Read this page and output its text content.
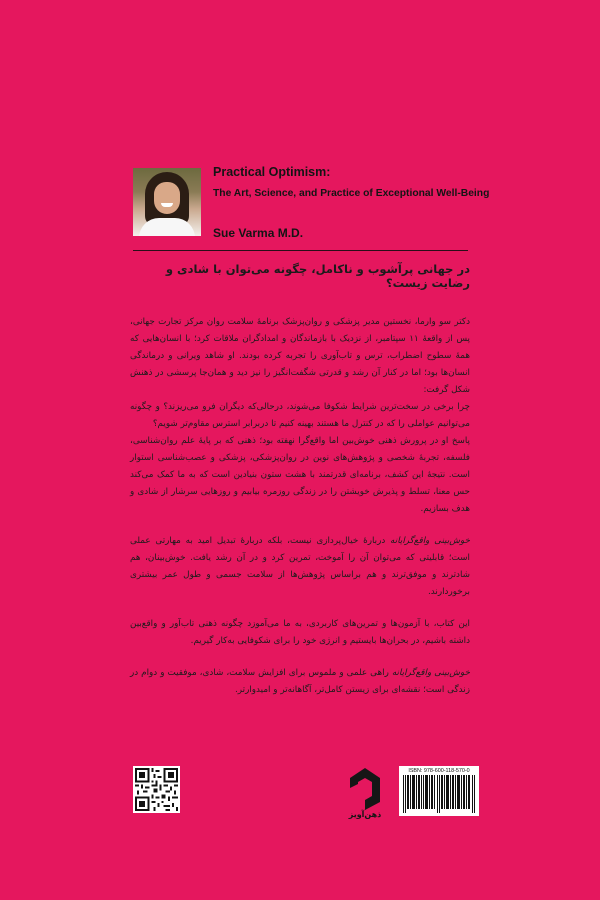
Practical Optimism:

The Art, Science, and Practice of Exceptional Well-Being

Sue Varma M.D.

در جهانی پرآشوب و ناکامل، چگونه می‌توان با شادی و رضایت زیست؟

دکتر سو وارما، نخستین مدیر پزشکی و روان‌پزشک برنامهٔ سلامت روان مرکز تجارت جهانی، پس از واقعهٔ ۱۱ سپتامبر، از نزدیک با بازماندگان و امدادگران ملاقات کرد؛ با انسان‌هایی که همهٔ سطوح اضطراب، ترس و تاب‌آوری را تجربه کرده بودند. او شاهد ویرانی و درماندگی انسان‌ها بود؛ اما در کنار آن رشد و قدرتی شگفت‌انگیز را نیز دید و همان‌جا پرسشی در ذهنش شکل گرفت:

چرا برخی در سخت‌ترین شرایط شکوفا می‌شوند، درحالی‌که دیگران فرو می‌ریزند؟ و چگونه می‌توانیم عواملی را که در کنترل ما هستند بهینه کنیم تا دربرابر استرس مقاوم‌تر شویم؟

پاسخ او در پرورش ذهنی خوش‌بین اما واقع‌گرا نهفته بود؛ ذهنی که بر پایهٔ علم روان‌شناسی، فلسفه، تجربهٔ شخصی و پژوهش‌های نوین در روان‌پزشکی، پزشکی و عصب‌شناسی استوار است. نتیجهٔ این کشف، برنامه‌ای قدرتمند با هشت ستون بنیادین است که به ما کمک می‌کند حس معنا، تسلط و پذیرش خویشتن را در زندگی روزمره بیابیم و روزهایی سرشار از شادی و هدف بسازیم.

خوش‌بینی واقع‌گرایانه دربارهٔ خیال‌پردازی نیست، بلکه دربارهٔ تبدیل امید به مهارتی عملی است؛ قابلیتی که می‌توان آن را آموخت، تمرین کرد و در آن رشد یافت. خوش‌بینان، هم شادترند و موفق‌ترند و هم براساس پژوهش‌ها از سلامت جسمی و طول عمر بیشتری برخوردارند.

این کتاب، با آزمون‌ها و تمرین‌های کاربردی، به ما می‌آموزد چگونه ذهنی تاب‌آور و واقع‌بین داشته باشیم، در بحران‌ها بایستیم و انرژی خود را برای شکوفایی به‌کار گیریم.

خوش‌بینی واقع‌گرایانه راهی علمی و ملموس برای افزایش سلامت، شادی، موفقیت و دوام در زندگی است؛ نقشه‌ای برای زیستن کامل‌تر، آگاهانه‌تر و امیدوارتر.

ذهن‌آویز
ISBN: 978-600-118-570-0
